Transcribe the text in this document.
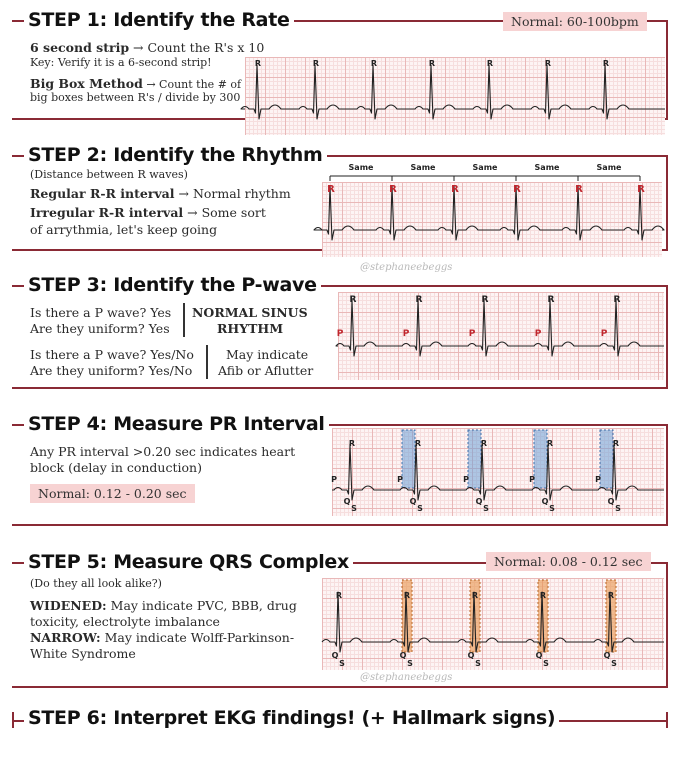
STEP 1: Identify the Rate	Normal: 60-100bpm
6 second strip → Count the R's x 10
Key: Verify it is a 6-second strip!
Big Box Method → Count the # of
big boxes between R's / divide by 300
R	R	R	R	R	R	R
STEP 2: Identify the Rhythm
(Distance between R waves)
Regular R-R interval → Normal rhythm
Irregular R-R interval → Some sort
of arrythmia, let's keep going
Same	Same	Same	Same	Same
R	R	R	R	R	R
@stephaneebeggs
STEP 3: Identify the P-wave
Is there a P wave? Yes
Are they uniform? Yes
NORMAL SINUS
RHYTHM
Is there a P wave? Yes/No
Are they uniform? Yes/No
May indicate
Afib or Aflutter
R	R	R	R	R
P	P	P	P	P
STEP 4: Measure PR Interval
Any PR interval >0.20 sec indicates heart
block (delay in conduction)
Normal: 0.12 - 0.20 sec
R	R	R	R	R
P	P	P	P	P
Q	Q	Q	Q	Q
S	S	S	S	S
STEP 5: Measure QRS Complex	Normal: 0.08 - 0.12 sec
(Do they all look alike?)
WIDENED: May indicate PVC, BBB, drug
toxicity, electrolyte imbalance
NARROW: May indicate Wolff-Parkinson-
White Syndrome
R	R	R	R	R
Q	Q	Q	Q	Q
S	S	S	S	S
@stephaneebeggs
STEP 6: Interpret EKG findings! (+ Hallmark signs)
